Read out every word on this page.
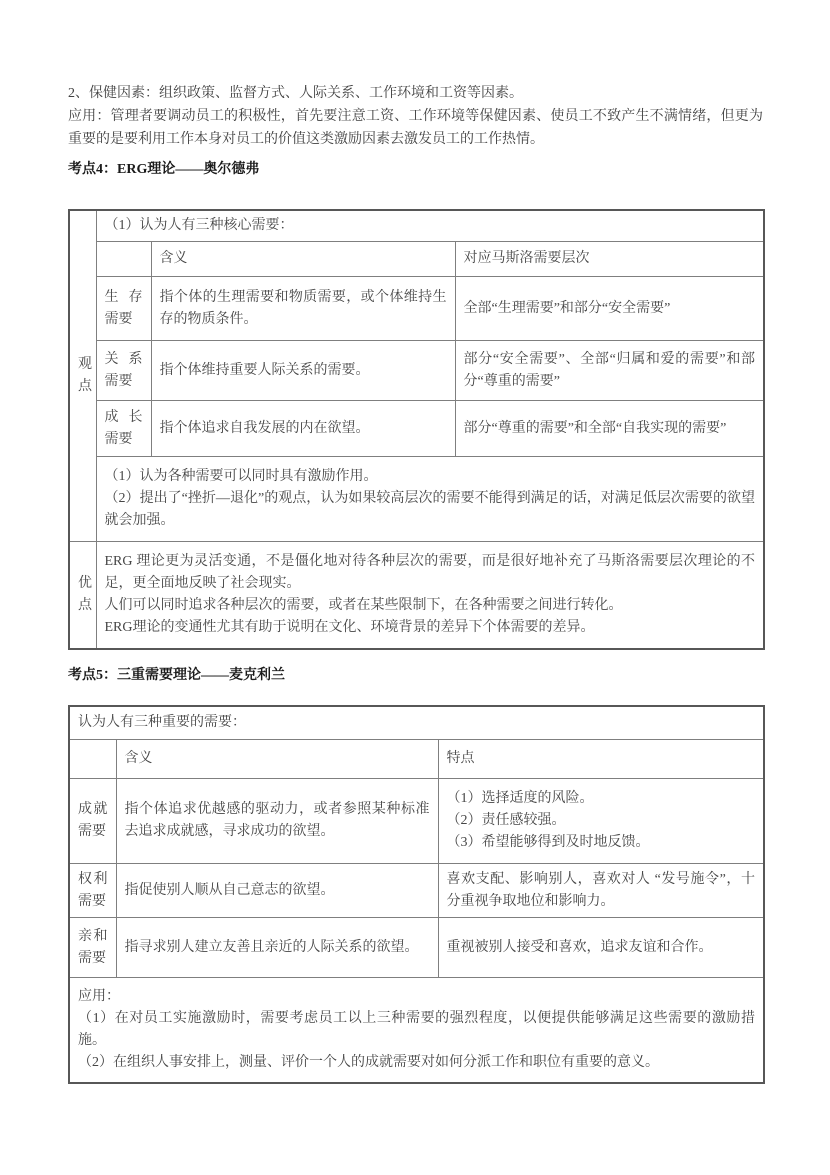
2、保健因素：组织政策、监督方式、人际关系、工作环境和工资等因素。

应用：管理者要调动员工的积极性，首先要注意工资、工作环境等保健因素、使员工不致产生不满情绪，但更为重要的是要利用工作本身对员工的价值这类激励因素去激发员工的工作热情。

考点4：ERG理论——奥尔德弗

观点	（1）认为人有三种核心需要：		
		含义	对应马斯洛需要层次
	生存需要	指个体的生理需要和物质需要，或个体维持生存的物质条件。	全部“生理需要”和部分“安全需要”
	关系需要	指个体维持重要人际关系的需要。	部分“安全需要”、全部“归属和爱的需要”和部分“尊重的需要”
	成长需要	指个体追求自我发展的内在欲望。	部分“尊重的需要”和全部“自我实现的需要”

	（1）认为各种需要可以同时具有激励作用。
（2）提出了“挫折—退化”的观点，认为如果较高层次的需要不能得到满足的话，对满足低层次需要的欲望就会加强。		

优点	ERG 理论更为灵活变通，不是僵化地对待各种层次的需要，而是很好地补充了马斯洛需要层次理论的不足，更全面地反映了社会现实。
人们可以同时追求各种层次的需要，或者在某些限制下，在各种需要之间进行转化。
ERG理论的变通性尤其有助于说明在文化、环境背景的差异下个体需要的差异。		

考点5：三重需要理论——麦克利兰

认为人有三种重要的需要：		
	含义	特点
成就需要	指个体追求优越感的驱动力，或者参照某种标准去追求成就感，寻求成功的欲望。	（1）选择适度的风险。
（2）责任感较强。
（3）希望能够得到及时地反馈。

权利需要	指促使别人顺从自己意志的欲望。	喜欢支配、影响别人，喜欢对人 “发号施令”，十分重视争取地位和影响力。

亲和需要	指寻求别人建立友善且亲近的人际关系的欲望。	重视被别人接受和喜欢，追求友谊和合作。

应用：
（1）在对员工实施激励时，需要考虑员工以上三种需要的强烈程度，以便提供能够满足这些需要的激励措施。
（2）在组织人事安排上，测量、评价一个人的成就需要对如何分派工作和职位有重要的意义。		
